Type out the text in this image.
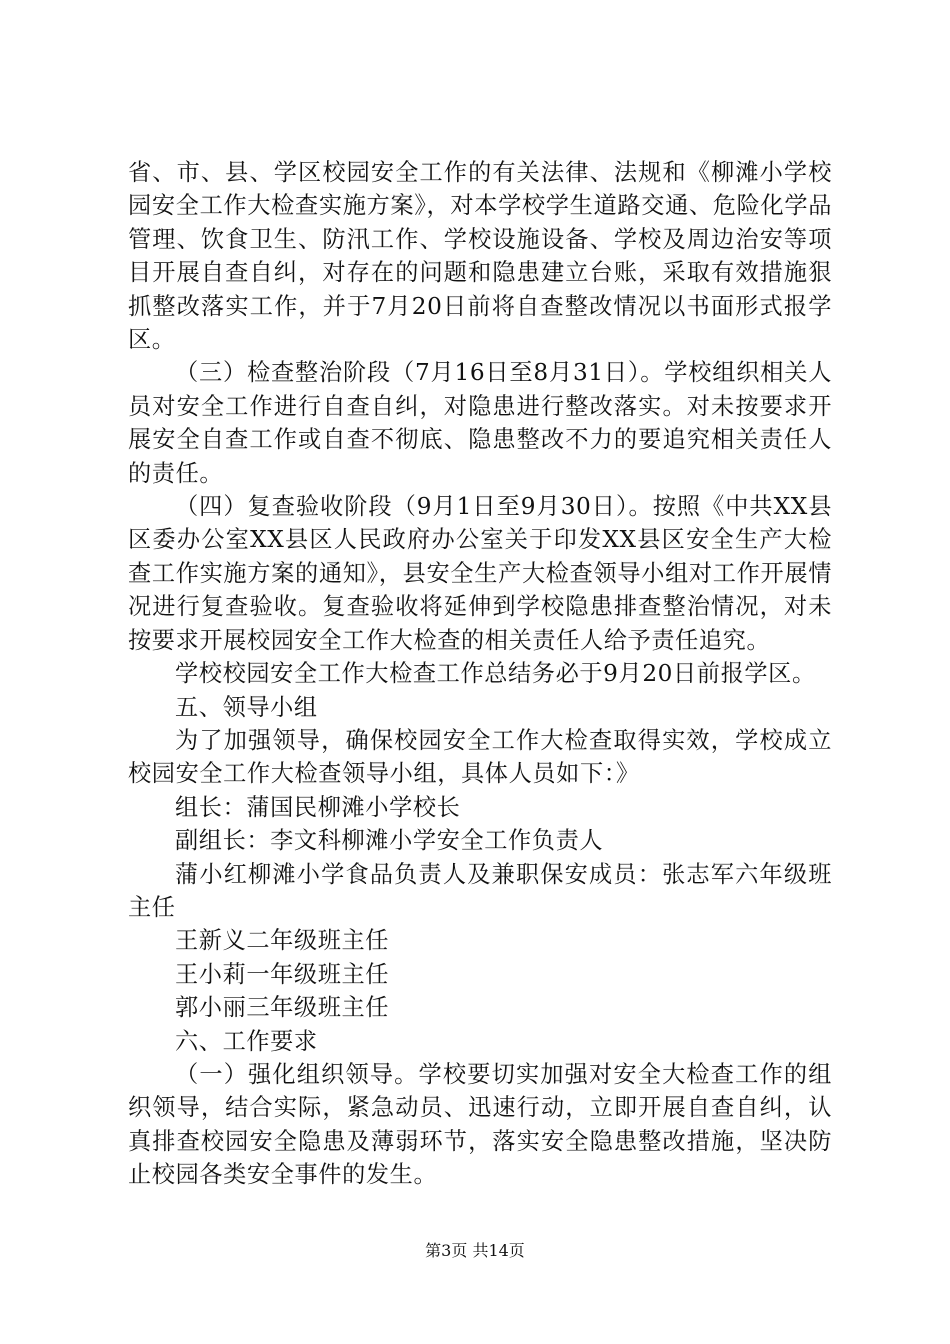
省、市、县、学区校园安全工作的有关法律、法规和《柳滩小学校园安全工作大检查实施方案》，对本学校学生道路交通、危险化学品管理、饮食卫生、防汛工作、学校设施设备、学校及周边治安等项目开展自查自纠，对存在的问题和隐患建立台账，采取有效措施狠抓整改落实工作，并于7月20日前将自查整改情况以书面形式报学区。

（三）检查整治阶段（7月16日至8月31日）。学校组织相关人员对安全工作进行自查自纠，对隐患进行整改落实。对未按要求开展安全自查工作或自查不彻底、隐患整改不力的要追究相关责任人的责任。

（四）复查验收阶段（9月1日至9月30日）。按照《中共XX县区委办公室XX县区人民政府办公室关于印发XX县区安全生产大检查工作实施方案的通知》，县安全生产大检查领导小组对工作开展情况进行复查验收。复查验收将延伸到学校隐患排查整治情况，对未按要求开展校园安全工作大检查的相关责任人给予责任追究。

学校校园安全工作大检查工作总结务必于9月20日前报学区。

五、领导小组

为了加强领导，确保校园安全工作大检查取得实效，学校成立校园安全工作大检查领导小组，具体人员如下：》

组长：蒲国民柳滩小学校长

副组长：李文科柳滩小学安全工作负责人

蒲小红柳滩小学食品负责人及兼职保安成员：张志军六年级班主任

王新义二年级班主任

王小莉一年级班主任

郭小丽三年级班主任

六、工作要求

（一）强化组织领导。学校要切实加强对安全大检查工作的组织领导，结合实际，紧急动员、迅速行动，立即开展自查自纠，认真排查校园安全隐患及薄弱环节，落实安全隐患整改措施，坚决防止校园各类安全事件的发生。

第3页 共14页
